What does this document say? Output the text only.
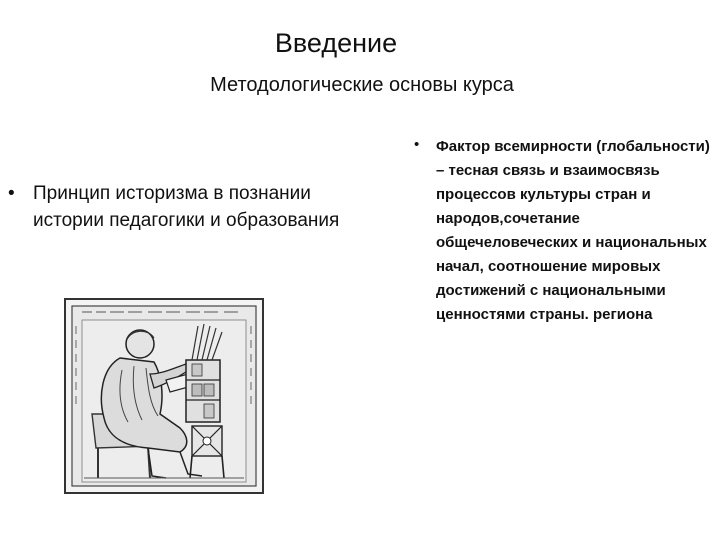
Введение
Методологические основы курса
• Принцип историзма в познании истории педагогики и образования
•	Фактор всемирности (глобальности) – тесная связь и взаимосвязь процессов культуры стран и народов,сочетание общечеловеческих и национальных начал, соотношение мировых достижений с национальными ценностями страны. региона
